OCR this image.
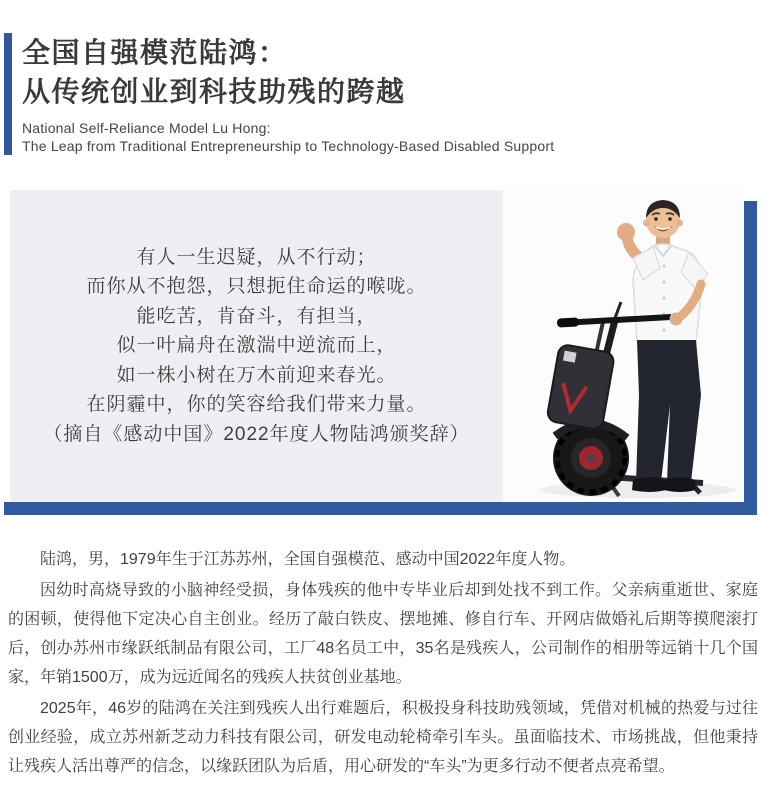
全国自强模范陆鸿：
从传统创业到科技助残的跨越

National Self-Reliance Model Lu Hong:
The Leap from Traditional Entrepreneurship to Technology-Based Disabled Support

有人一生迟疑，从不行动；

而你从不抱怨，只想扼住命运的喉咙。

能吃苦，肯奋斗，有担当，

似一叶扁舟在激湍中逆流而上，

如一株小树在万木前迎来春光。

在阴霾中，你的笑容给我们带来力量。

（摘自《感动中国》2022年度人物陆鸿颁奖辞）

陆鸿，男，1979年生于江苏苏州，全国自强模范、感动中国2022年度人物。

因幼时高烧导致的小脑神经受损，身体残疾的他中专毕业后却到处找不到工作。父亲病重逝世、家庭的困顿，使得他下定决心自主创业。经历了敲白铁皮、摆地摊、修自行车、开网店做婚礼后期等摸爬滚打后，创办苏州市缘跃纸制品有限公司，工厂48名员工中，35名是残疾人，公司制作的相册等远销十几个国家，年销1500万，成为远近闻名的残疾人扶贫创业基地。

2025年，46岁的陆鸿在关注到残疾人出行难题后，积极投身科技助残领域，凭借对机械的热爱与过往创业经验，成立苏州新芝动力科技有限公司，研发电动轮椅牵引车头。虽面临技术、市场挑战，但他秉持让残疾人活出尊严的信念，以缘跃团队为后盾，用心研发的“车头”为更多行动不便者点亮希望。
